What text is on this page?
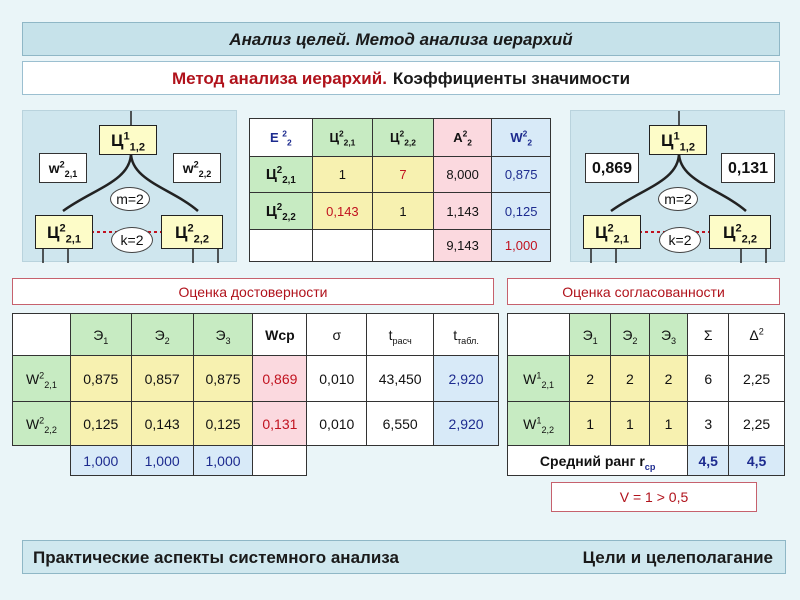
Анализ целей. Метод анализа иерархий
Метод анализа иерархий. Коэффициенты значимости
$Ц^1_{1,2}$
$w^2_{2,1}$	$w^2_{2,2}$
m=2
$Ц^2_{2,1}$	k=2	$Ц^2_{2,2}$
E $^2_2$	$Ц^2_{2,1}$	$Ц^2_{2,2}$	$A^2_2$	$W^2_2$
$Ц^2_{2,1}$	1	7	8,000	0,875
$Ц^2_{2,2}$	0,143	1	1,143	0,125
			9,143	1,000
$Ц^1_{1,2}$
0,869	0,131
m=2
$Ц^2_{2,1}$	k=2	$Ц^2_{2,2}$
Оценка достоверности	Оценка согласованности
	$Э_1$	$Э_2$	$Э_3$	Wcp	σ	$t_{расч}$	$t_{табл.}$
$W^2_{2,1}$	0,875	0,857	0,875	0,869	0,010	43,450	2,920
$W^2_{2,2}$	0,125	0,143	0,125	0,131	0,010	6,550	2,920
	1,000	1,000	1,000				
	$Э_1$	$Э_2$	$Э_3$	Σ	$\Delta^2$
$W^1_{2,1}$	2	2	2	6	2,25
$W^1_{2,2}$	1	1	1	3	2,25
Средний ранг $r_{ср}$				4,5	4,5
V = 1 > 0,5
Практические аспекты системного анализа	Цели и целеполагание
